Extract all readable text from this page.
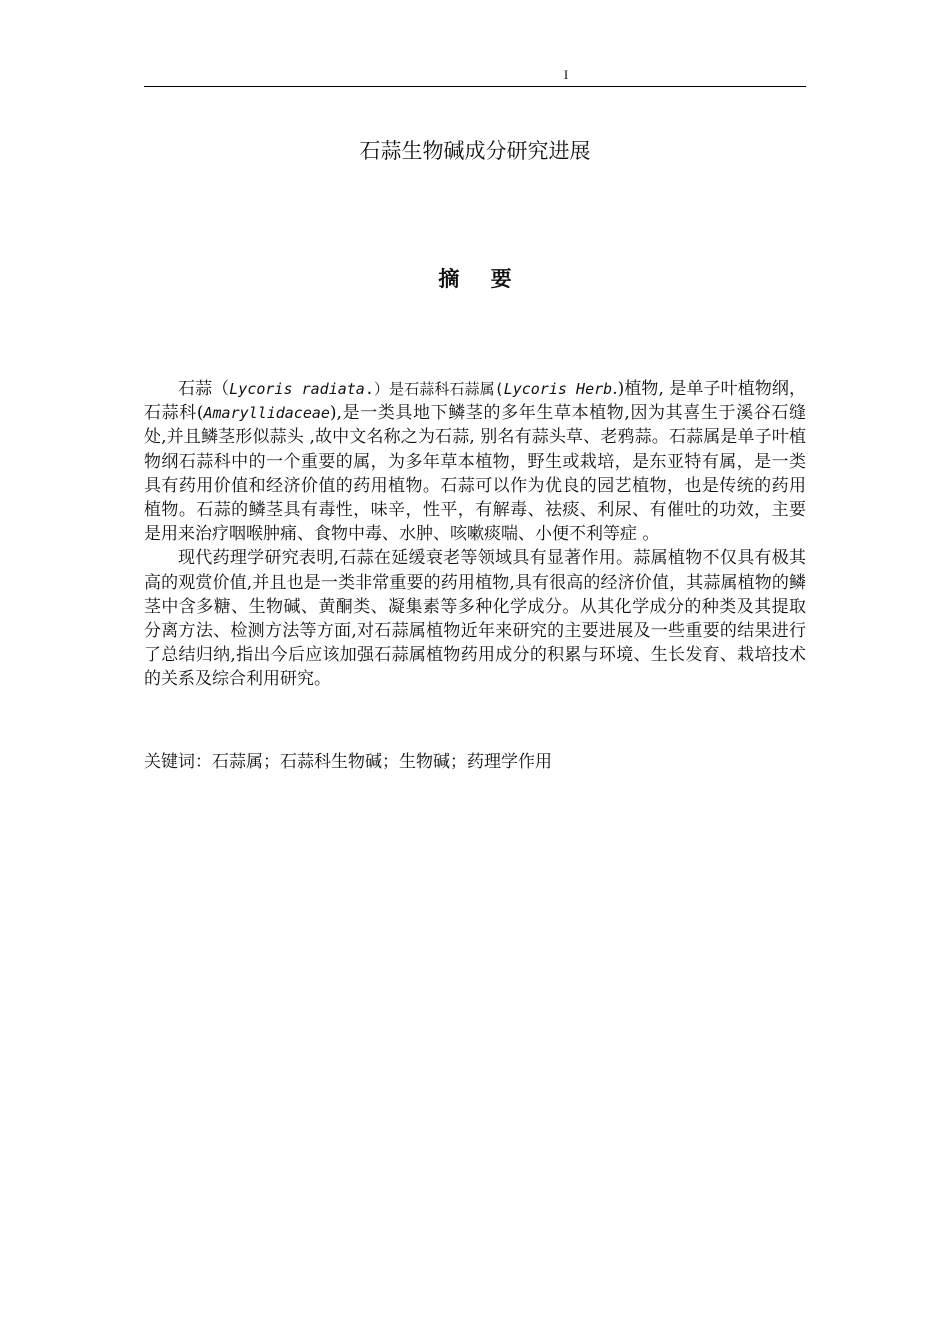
I
石蒜生物碱成分研究进展
摘 要

石蒜（Lycoris radiata.）是石蒜科石蒜属(Lycoris Herb.)植物, 是单子叶植物纲，石蒜科(Amaryllidaceae),是一类具地下鳞茎的多年生草本植物,因为其喜生于溪谷石缝处,并且鳞茎形似蒜头 ,故中文名称之为石蒜, 别名有蒜头草、老鸦蒜。石蒜属是单子叶植物纲石蒜科中的一个重要的属，为多年草本植物，野生或栽培，是东亚特有属，是一类具有药用价值和经济价值的药用植物。石蒜可以作为优良的园艺植物，也是传统的药用植物。石蒜的鳞茎具有毒性，味辛，性平，有解毒、祛痰、利尿、有催吐的功效，主要是用来治疗咽喉肿痛、食物中毒、水肿、咳嗽痰喘、小便不利等症 。

现代药理学研究表明,石蒜在延缓衰老等领域具有显著作用。蒜属植物不仅具有极其高的观赏价值,并且也是一类非常重要的药用植物,具有很高的经济价值，其蒜属植物的鳞茎中含多糖、生物碱、黄酮类、凝集素等多种化学成分。从其化学成分的种类及其提取分离方法、检测方法等方面,对石蒜属植物近年来研究的主要进展及一些重要的结果进行了总结归纳,指出今后应该加强石蒜属植物药用成分的积累与环境、生长发育、栽培技术的关系及综合利用研究。

关键词：石蒜属；石蒜科生物碱；生物碱；药理学作用
